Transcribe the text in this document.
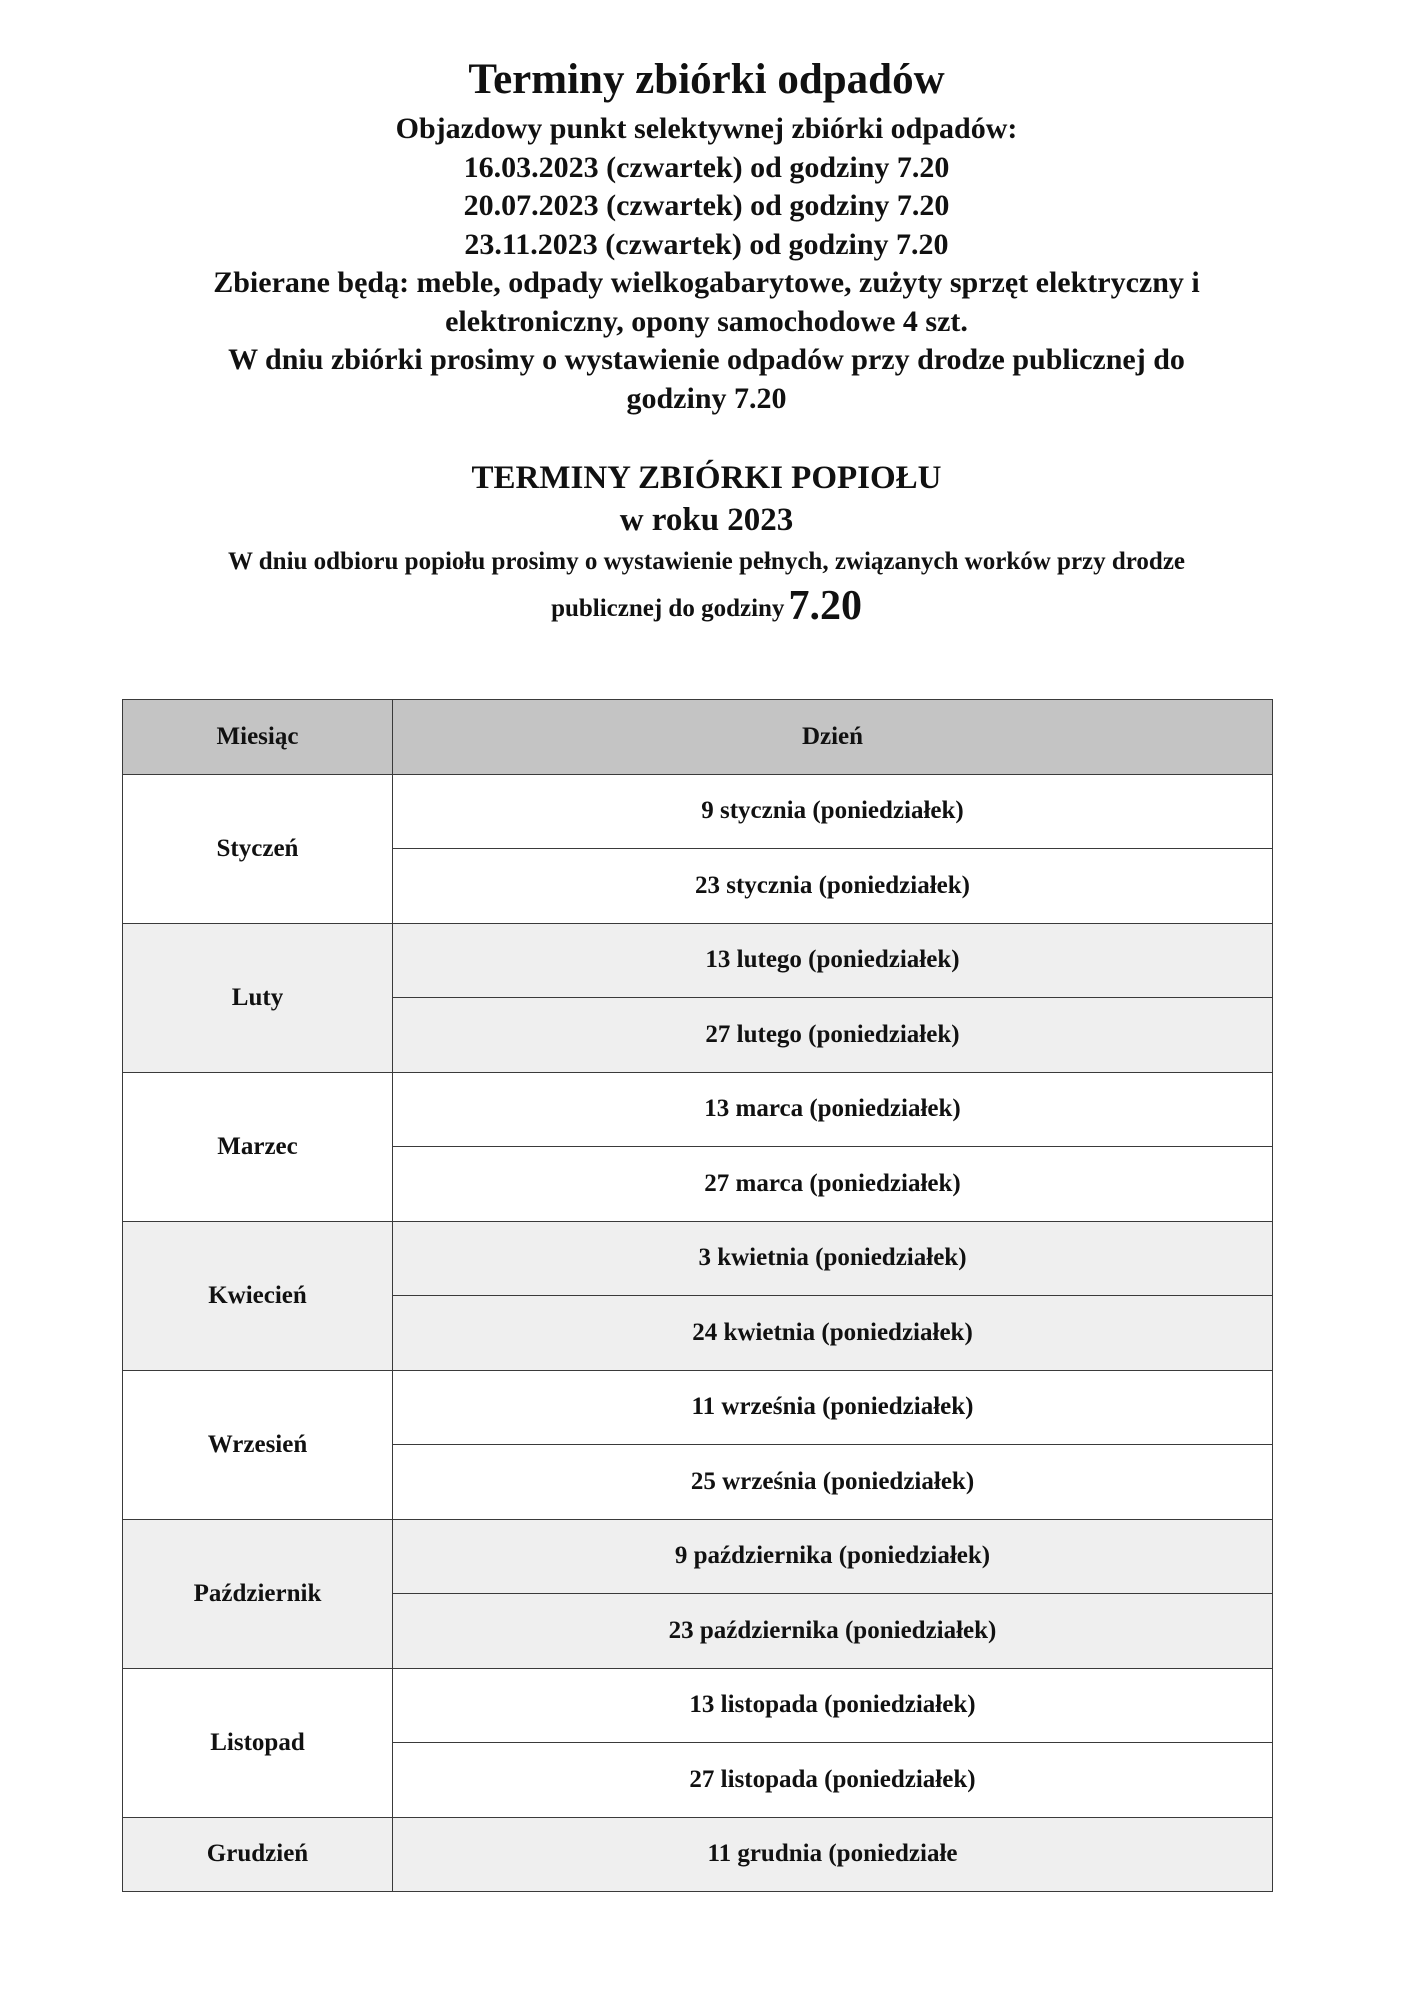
Terminy zbiórki odpadów
Objazdowy punkt selektywnej zbiórki odpadów:
16.03.2023 (czwartek) od godziny 7.20
20.07.2023 (czwartek) od godziny 7.20
23.11.2023 (czwartek) od godziny 7.20
Zbierane będą: meble, odpady wielkogabarytowe, zużyty sprzęt elektryczny i
elektroniczny, opony samochodowe 4 szt.
W dniu zbiórki prosimy o wystawienie odpadów przy drodze publicznej do
godziny 7.20
TERMINY ZBIÓRKI POPIOŁU
w roku 2023
W dniu odbioru popiołu prosimy o wystawienie pełnych, związanych worków przy drodze
publicznej do godziny7.20
Miesiąc	Dzień
Styczeń	9 stycznia (poniedziałek)
	23 stycznia (poniedziałek)
Luty	13 lutego (poniedziałek)
	27 lutego (poniedziałek)
Marzec	13 marca (poniedziałek)
	27 marca (poniedziałek)
Kwiecień	3 kwietnia (poniedziałek)
	24 kwietnia (poniedziałek)
Wrzesień	11 września (poniedziałek)
	25 września (poniedziałek)
Październik	9 października (poniedziałek)
	23 października (poniedziałek)
Listopad	13 listopada (poniedziałek)
	27 listopada (poniedziałek)
Grudzień	11 grudnia (poniedziałe
